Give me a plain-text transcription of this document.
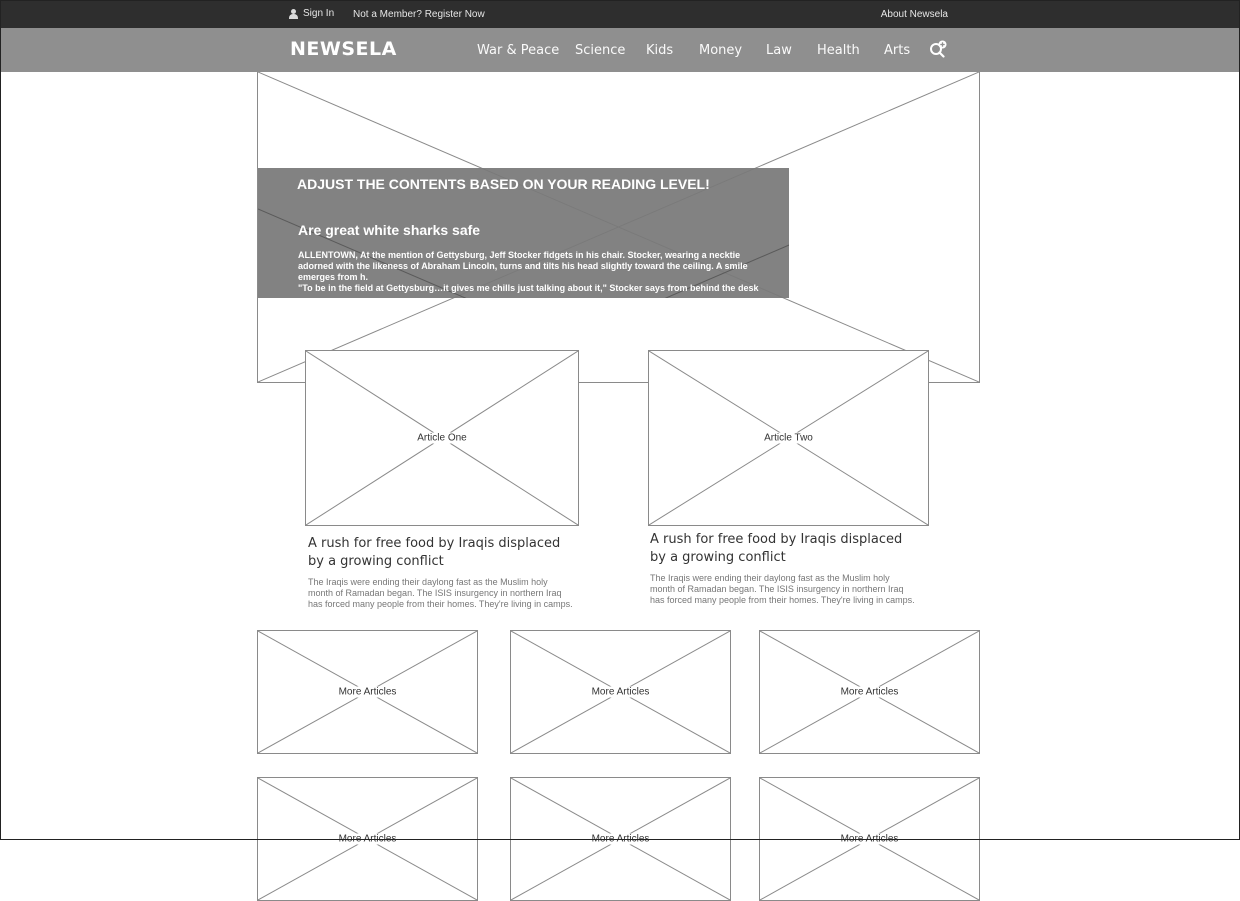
Sign In Not a Member? Register Now	About Newsela
NEWSELA	War & Peace Science Kids Money Law Health Arts
ADJUST THE CONTENTS BASED ON YOUR READING LEVEL!
Are great white sharks safe

ALLENTOWN, At the mention of Gettysburg, Jeff Stocker fidgets in his chair. Stocker, wearing a necktie adorned with the likeness of Abraham Lincoln, turns and tilts his head slightly toward the ceiling. A smile emerges from h.

"To be in the field at Gettysburg…it gives me chills just talking about it," Stocker says from behind the desk

Article One
A rush for free food by Iraqis displaced by a growing conflict
The Iraqis were ending their daylong fast as the Muslim holy month of Ramadan began. The ISIS insurgency in northern Iraq has forced many people from their homes. They're living in camps.
Article Two
A rush for free food by Iraqis displaced by a growing conflict
The Iraqis were ending their daylong fast as the Muslim holy month of Ramadan began. The ISIS insurgency in northern Iraq has forced many people from their homes. They're living in camps.
More Articles	More Articles	More Articles
More Articles	More Articles	More Articles
